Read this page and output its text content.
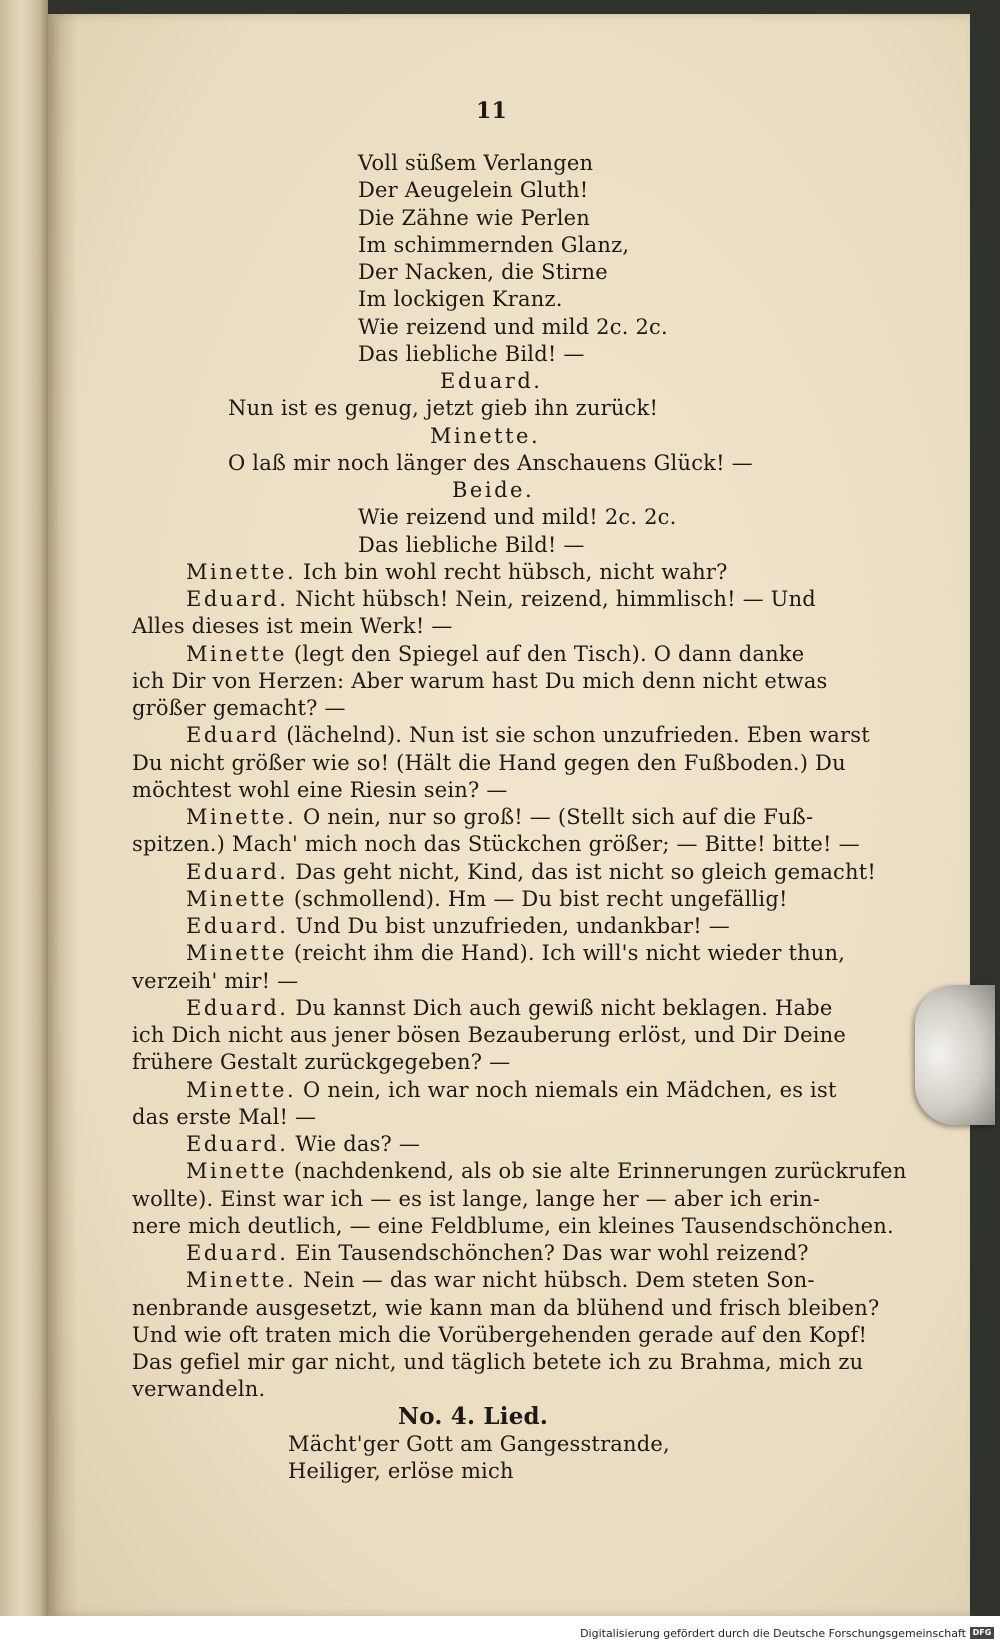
11
Voll süßem Verlangen
Der Aeugelein Gluth!
Die Zähne wie Perlen
Im schimmernden Glanz,
Der Nacken, die Stirne
Im lockigen Kranz.
Wie reizend und mild 2c. 2c.
Das liebliche Bild! —
Eduard.
Nun ist es genug, jetzt gieb ihn zurück!
Minette.
O laß mir noch länger des Anschauens Glück! —
Beide.
Wie reizend und mild! 2c. 2c.
Das liebliche Bild! —
Minette. Ich bin wohl recht hübsch, nicht wahr?
Eduard. Nicht hübsch! Nein, reizend, himmlisch! — Und
Alles dieses ist mein Werk! —
Minette (legt den Spiegel auf den Tisch). O dann danke
ich Dir von Herzen: Aber warum hast Du mich denn nicht etwas
größer gemacht? —
Eduard (lächelnd). Nun ist sie schon unzufrieden. Eben warst
Du nicht größer wie so! (Hält die Hand gegen den Fußboden.) Du
möchtest wohl eine Riesin sein? —
Minette. O nein, nur so groß! — (Stellt sich auf die Fuß-
spitzen.) Mach' mich noch das Stückchen größer; — Bitte! bitte! —
Eduard. Das geht nicht, Kind, das ist nicht so gleich gemacht!
Minette (schmollend). Hm — Du bist recht ungefällig!
Eduard. Und Du bist unzufrieden, undankbar! —
Minette (reicht ihm die Hand). Ich will's nicht wieder thun,
verzeih' mir! —
Eduard. Du kannst Dich auch gewiß nicht beklagen. Habe
ich Dich nicht aus jener bösen Bezauberung erlöst, und Dir Deine
frühere Gestalt zurückgegeben? —
Minette. O nein, ich war noch niemals ein Mädchen, es ist
das erste Mal! —
Eduard. Wie das? —
Minette (nachdenkend, als ob sie alte Erinnerungen zurückrufen
wollte). Einst war ich — es ist lange, lange her — aber ich erin-
nere mich deutlich, — eine Feldblume, ein kleines Tausendschönchen.
Eduard. Ein Tausendschönchen? Das war wohl reizend?
Minette. Nein — das war nicht hübsch. Dem steten Son-
nenbrande ausgesetzt, wie kann man da blühend und frisch bleiben?
Und wie oft traten mich die Vorübergehenden gerade auf den Kopf!
Das gefiel mir gar nicht, und täglich betete ich zu Brahma, mich zu
verwandeln.
No. 4. Lied.
Mächt'ger Gott am Gangesstrande,
Heiliger, erlöse mich
Digitalisierung gefördert durch die Deutsche Forschungsgemeinschaft DFG
